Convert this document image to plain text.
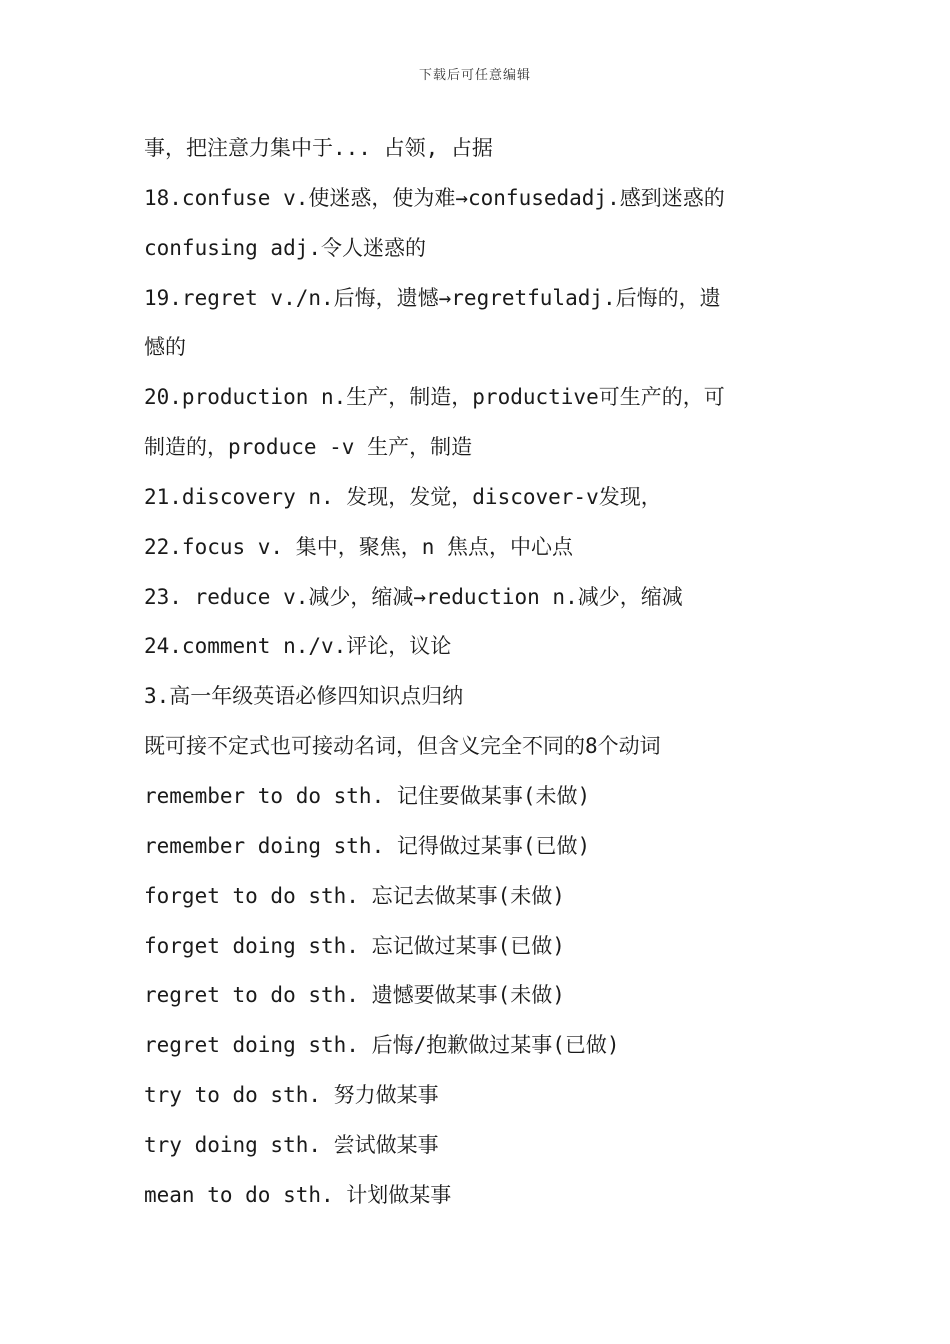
下载后可任意编辑
事，把注意力集中于... 占领, 占据
18.confuse v.使迷惑，使为难→confusedadj.感到迷惑的
confusing adj.令人迷惑的
19.regret v./n.后悔，遗憾→regretfuladj.后悔的，遗
憾的
20.production n.生产，制造，productive可生产的，可
制造的，produce -v 生产，制造
21.discovery n. 发现，发觉，discover-v发现，
22.focus v. 集中，聚焦，n 焦点，中心点
23. reduce v.减少，缩减→reduction n.减少，缩减
24.comment n./v.评论，议论
3.高一年级英语必修四知识点归纳
既可接不定式也可接动名词，但含义完全不同的8个动词
remember to do sth. 记住要做某事(未做)
remember doing sth. 记得做过某事(已做)
forget to do sth. 忘记去做某事(未做)
forget doing sth. 忘记做过某事(已做)
regret to do sth. 遗憾要做某事(未做)
regret doing sth. 后悔/抱歉做过某事(已做)
try to do sth. 努力做某事
try doing sth. 尝试做某事
mean to do sth. 计划做某事
